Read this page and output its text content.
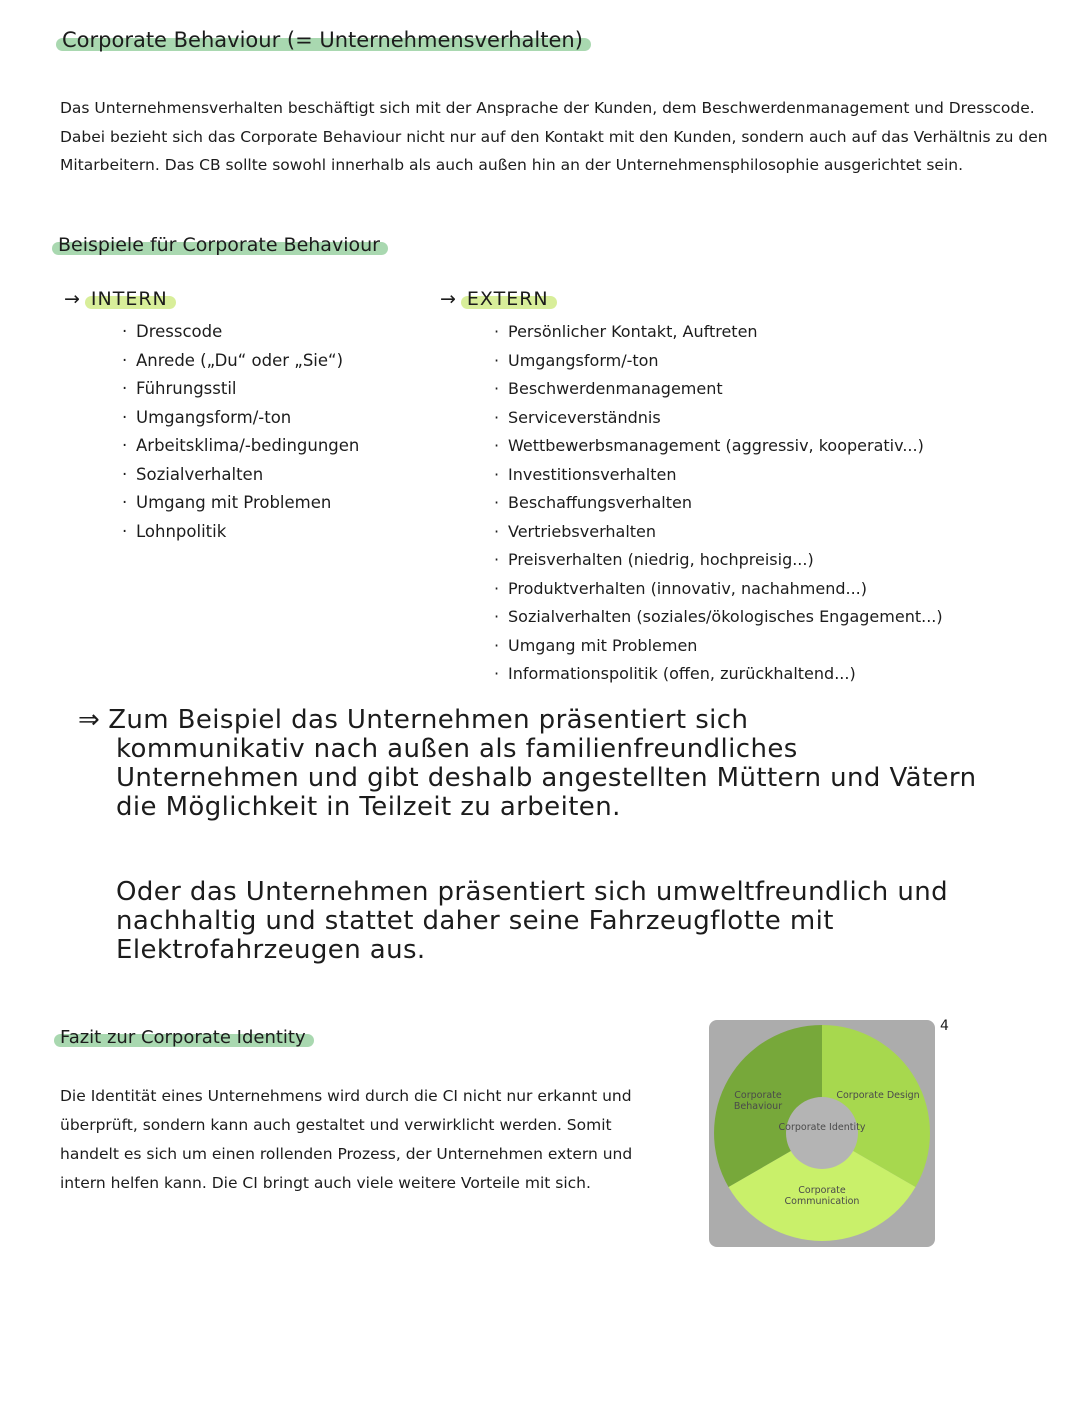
Corporate Behaviour (= Unternehmensverhalten)

Das Unternehmensverhalten beschäftigt sich mit der Ansprache der Kunden, dem Beschwerdenmanagement und Dresscode. Dabei bezieht sich das Corporate Behaviour nicht nur auf den Kontakt mit den Kunden, sondern auch auf das Verhältnis zu den Mitarbeitern. Das CB sollte sowohl innerhalb als auch außen hin an der Unternehmensphilosophie ausgerichtet sein.

Beispiele für Corporate Behaviour
→ INTERN	→ EXTERN
· Dresscode
· Anrede („Du“ oder „Sie“)
· Führungsstil
· Umgangsform/-ton
· Arbeitsklima/-bedingungen
· Sozialverhalten
· Umgang mit Problemen
· Lohnpolitik
· Persönlicher Kontakt, Auftreten
· Umgangsform/-ton
· Beschwerdenmanagement
· Serviceverständnis
· Wettbewerbsmanagement (aggressiv, kooperativ...)
· Investitionsverhalten
· Beschaffungsverhalten
· Vertriebsverhalten
· Preisverhalten (niedrig, hochpreisig...)
· Produktverhalten (innovativ, nachahmend...)
· Sozialverhalten (soziales/ökologisches Engagement...)
· Umgang mit Problemen
· Informationspolitik (offen, zurückhaltend...)

⇒ Zum Beispiel das Unternehmen präsentiert sich
kommunikativ nach außen als familienfreundliches Unternehmen und gibt deshalb angestellten Müttern und Vätern die Möglichkeit in Teilzeit zu arbeiten.

Oder das Unternehmen präsentiert sich umweltfreundlich und nachhaltig und stattet daher seine Fahrzeugflotte mit Elektrofahrzeugen aus.

Fazit zur Corporate Identity

Die Identität eines Unternehmens wird durch die CI nicht nur erkannt und überprüft, sondern kann auch gestaltet und verwirklicht werden. Somit handelt es sich um einen rollenden Prozess, der Unternehmen extern und intern helfen kann. Die CI bringt auch viele weitere Vorteile mit sich.

4
Corporate Behaviour
Corporate Design
Corporate Identity
Corporate Communication
